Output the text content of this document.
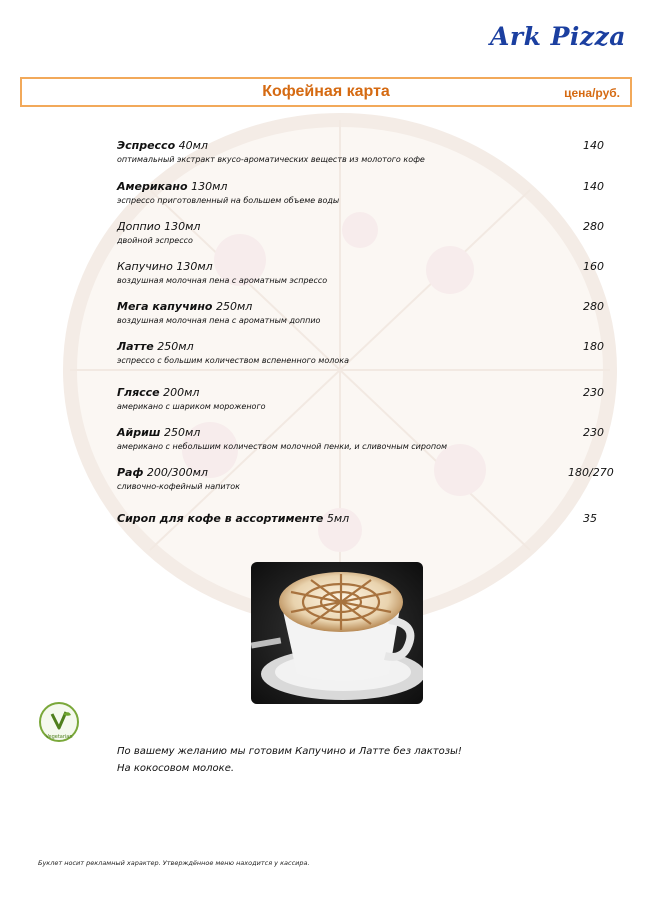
Ark Pizza
Кофейная карта	цена/руб.
Эспрессо 40мл
оптимальный экстракт вкусо-ароматических веществ из молотого кофе
140
Американо 130мл
эспрессо приготовленный на большем объеме воды
140
Доппио 130мл
двойной эспрессо
280
Капучино 130мл
воздушная молочная пена с ароматным эспрессо
160
Мега капучино 250мл
воздушная молочная пена с ароматным доппио
280
Латте 250мл
эспрессо с большим количеством вспененного молока
180
Гляссе 200мл
американо с шариком мороженого
230
Айриш 250мл
американо с небольшим количеством молочной пенки, и сливочным сиропом
230
Раф 200/300мл
сливочно-кофейный напиток
180/270
Сироп для кофе в ассортименте 5мл	35
Vegetarian
По вашему желанию мы готовим Капучино и Латте без лактозы!
На кокосовом молоке.
Буклет носит рекламный характер. Утверждённое меню находится у кассира.
